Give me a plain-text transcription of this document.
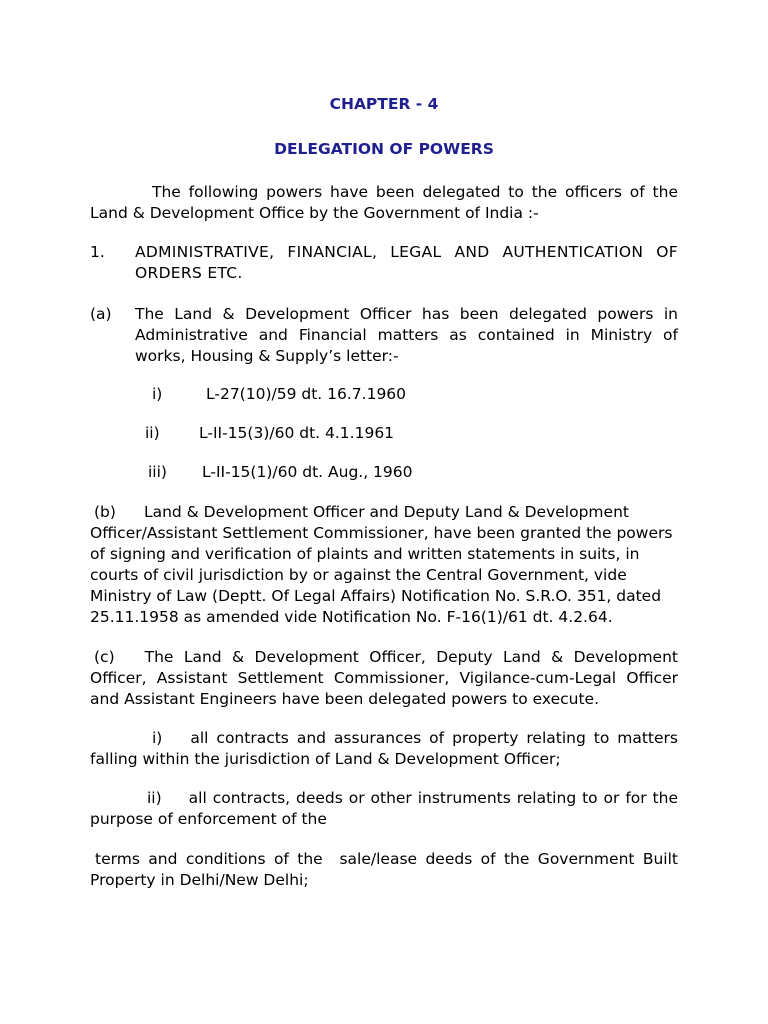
CHAPTER - 4
DELEGATION OF POWERS
The following powers have been delegated to the officers of the Land & Development Office by the Government of India :-
1. ADMINISTRATIVE, FINANCIAL, LEGAL AND AUTHENTICATION OF ORDERS ETC.
(a) The Land & Development Officer has been delegated powers in Administrative and Financial matters as contained in Ministry of works, Housing & Supply’s letter:-
i)	L-27(10)/59 dt. 16.7.1960
ii)	L-II-15(3)/60 dt. 4.1.1961
iii) L-II-15(1)/60 dt. Aug., 1960
(b) Land & Development Officer and Deputy Land & Development Officer/Assistant Settlement Commissioner, have been granted the powers of signing and verification of plaints and written statements in suits, in courts of civil jurisdiction by or against the Central Government, vide Ministry of Law (Deptt. Of Legal Affairs) Notification No. S.R.O. 351, dated 25.11.1958 as amended vide Notification No. F-16(1)/61 dt. 4.2.64.
(c) The Land & Development Officer, Deputy Land & Development Officer, Assistant Settlement Commissioner, Vigilance-cum-Legal Officer and Assistant Engineers have been delegated powers to execute.
i) all contracts and assurances of property relating to matters falling within the jurisdiction of Land & Development Officer;
ii) all contracts, deeds or other instruments relating to or for the purpose of enforcement of the
terms and conditions of the  sale/lease deeds of the Government Built Property in Delhi/New Delhi;
